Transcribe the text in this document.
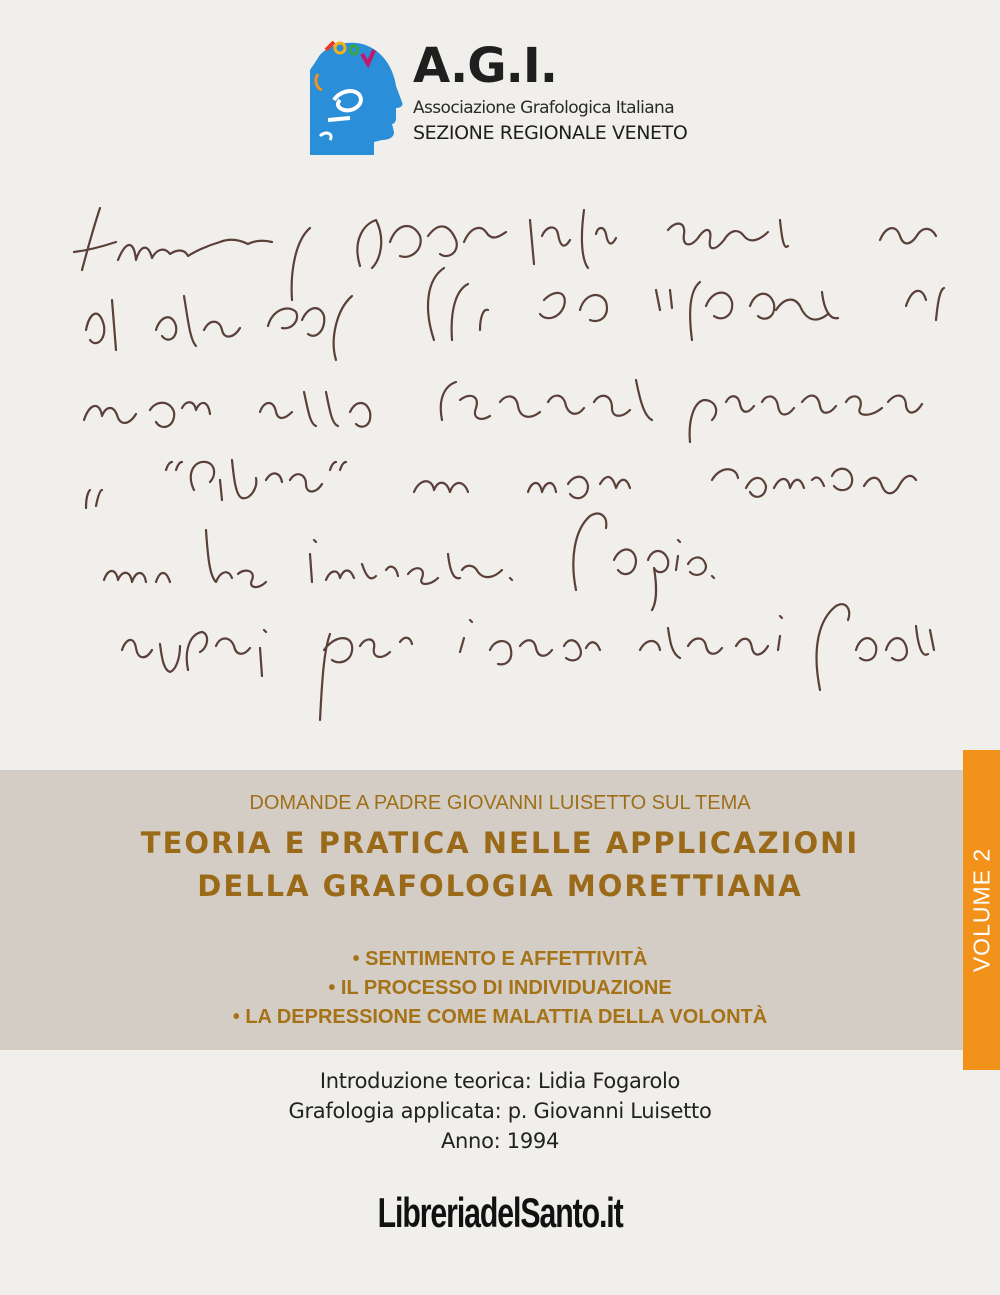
A.G.I.
Associazione Grafologica Italiana
SEZIONE REGIONALE VENETO
DOMANDE A PADRE GIOVANNI LUISETTO SUL TEMA
TEORIA E PRATICA NELLE APPLICAZIONI
DELLA GRAFOLOGIA MORETTIANA
• SENTIMENTO E AFFETTIVITÀ
• IL PROCESSO DI INDIVIDUAZIONE
• LA DEPRESSIONE COME MALATTIA DELLA VOLONTÀ
VOLUME 2
Introduzione teorica: Lidia Fogarolo
Grafologia applicata: p. Giovanni Luisetto
Anno: 1994
LibreriadelSanto.it
